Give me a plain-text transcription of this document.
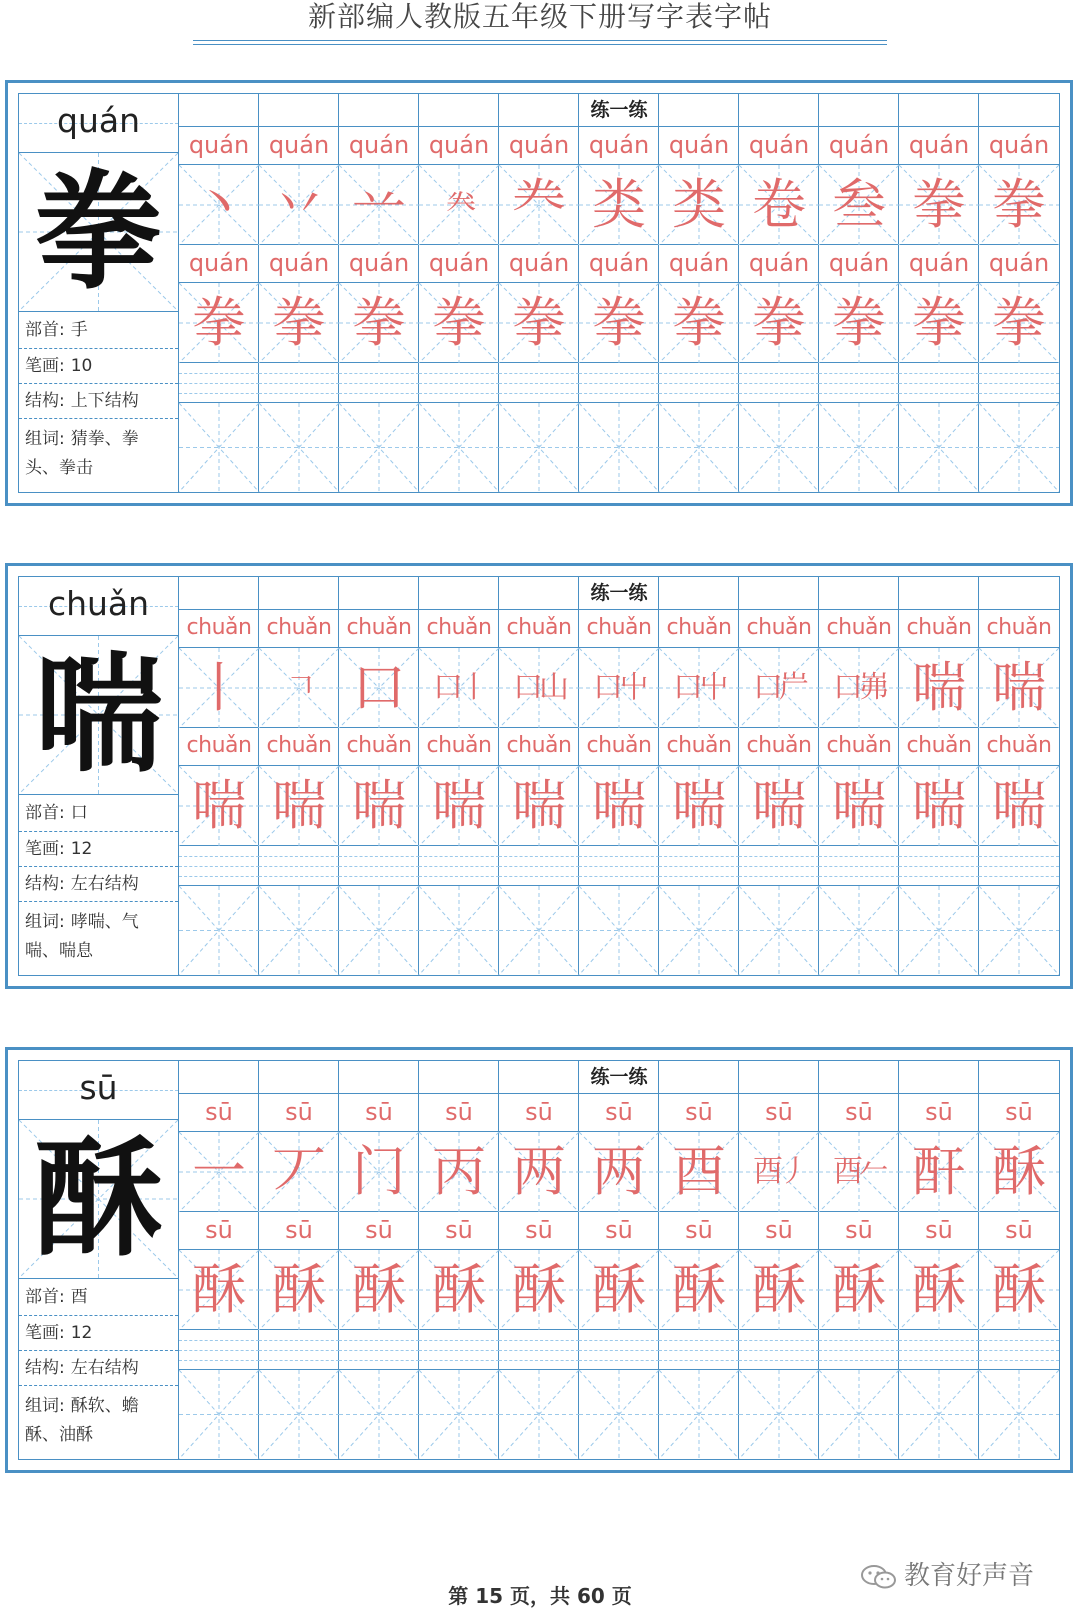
新部编人教版五年级下册写字表字帖
quán
拳
部首: 手
笔画: 10
结构: 上下结构
组词: 猜拳、拳头、拳击
练一练
quán
丶
quán
拳
quán
丷
quán
拳
quán
䒑
quán
拳
quán
𠔉
quán
拳
quán
龹
quán
拳
quán
类
quán
拳
quán
类
quán
拳
quán
卷
quán
拳
quán
叁
quán
拳
quán
拳
quán
拳
quán
拳
quán
拳
chuǎn
喘
部首: 口
笔画: 12
结构: 左右结构
组词: 哮喘、气喘、喘息
练一练
chuǎn
丨
chuǎn
喘
chuǎn
𠃍
chuǎn
喘
chuǎn
口
chuǎn
喘
chuǎn
口丨
chuǎn
喘
chuǎn
口山
chuǎn
喘
chuǎn
口屮
chuǎn
喘
chuǎn
口屮
chuǎn
喘
chuǎn
口屵
chuǎn
喘
chuǎn
口岪
chuǎn
喘
chuǎn
喘
chuǎn
喘
chuǎn
喘
chuǎn
喘
sū
酥
部首: 酉
笔画: 12
结构: 左右结构
组词: 酥软、蟾酥、油酥
练一练
sū
一
sū
酥
sū
丆
sū
酥
sū
门
sū
酥
sū
丙
sū
酥
sū
两
sū
酥
sū
两
sū
酥
sū
酉
sū
酥
sū
酉丿
sū
酥
sū
酉𠂉
sū
酥
sū
酐
sū
酥
sū
酥
sū
酥
教育好声音
第 15 页，共 60 页
